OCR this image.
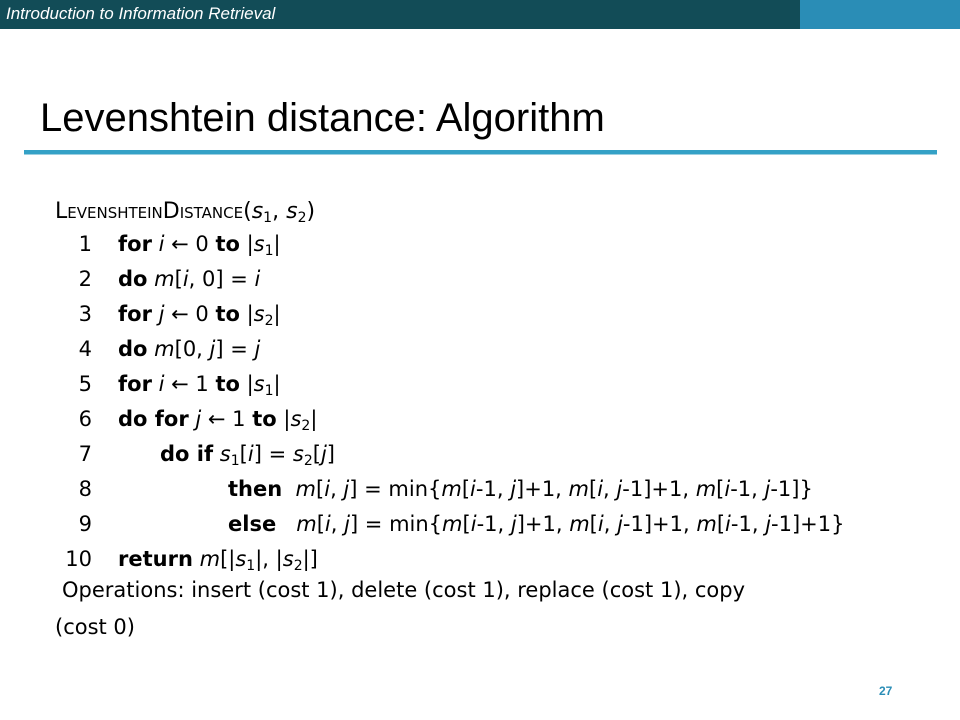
Introduction to Information Retrieval
Levenshtein distance: Algorithm
$LevenshteinDistance(s_1$, $s_2$)
1
2
3
4
5
6
7
8
9
10
for i ← 0 to $|s_1|$
do m[i, 0] = i
for j ← 0 to $|s_2|$
do m[0, j] = j
for i ← 1 to $|s_1|$
do for j ← 1 to $|s_2|$
do if $s_1[i] = s_2[j]$
then m[i, j] = min{m[i-1, j]+1, m[i, j-1]+1, m[i-1, j-1]}
else m[i, j] = min{m[i-1, j]+1, m[i, j-1]+1, m[i-1, j-1]+1}
return $m[|s_1|$, $|s_2|$]
Operations: insert (cost 1), delete (cost 1), replace (cost 1), copy
(cost 0)
27
